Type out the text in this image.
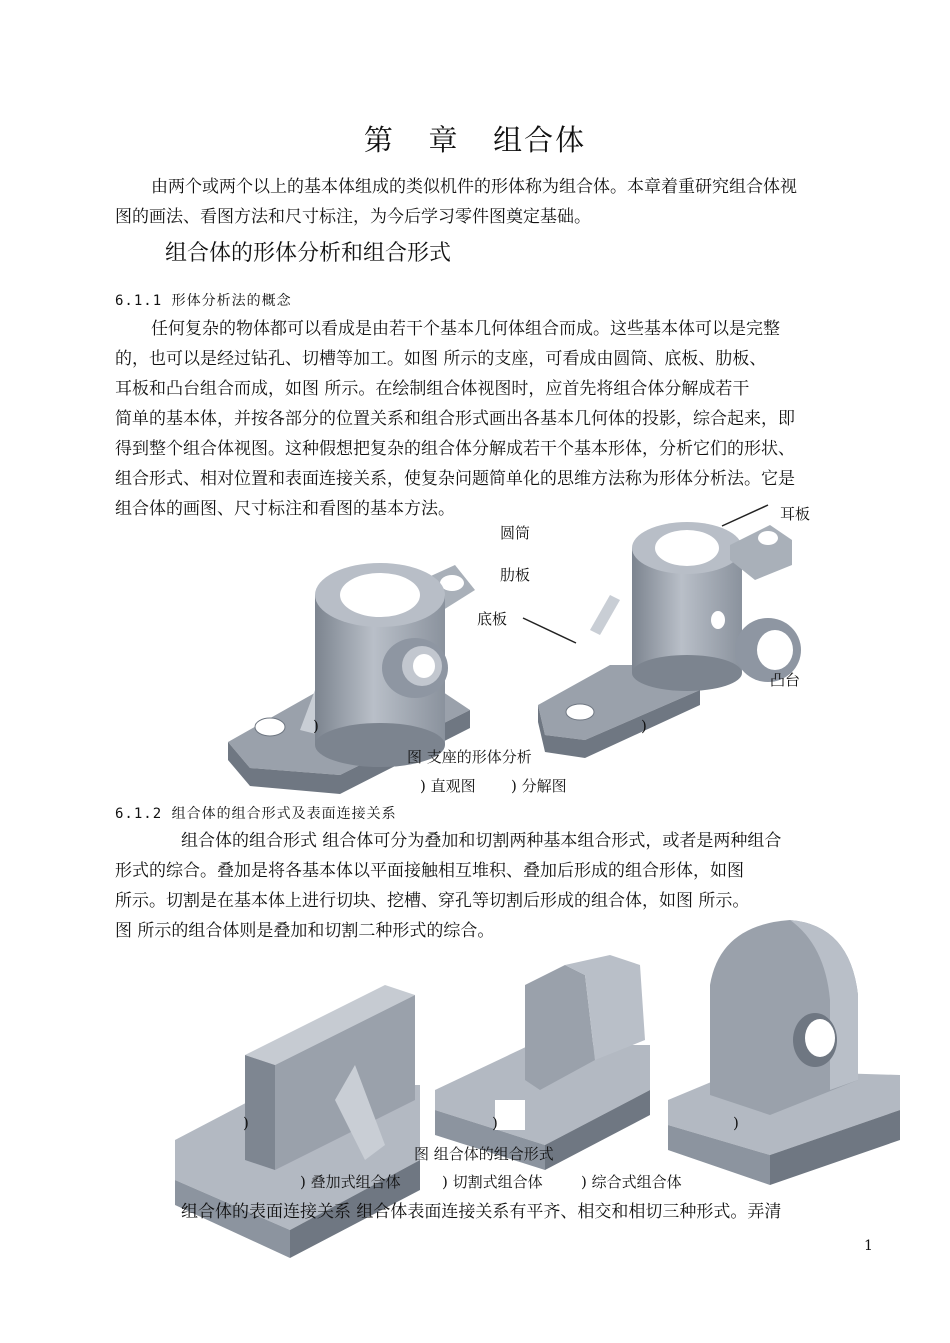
第 章 组合体
由两个或两个以上的基本体组成的类似机件的形体称为组合体。本章着重研究组合体视
图的画法、看图方法和尺寸标注，为今后学习零件图奠定基础。
组合体的形体分析和组合形式
6.1.1 形体分析法的概念
任何复杂的物体都可以看成是由若干个基本几何体组合而成。这些基本体可以是完整
的，也可以是经过钻孔、切槽等加工。如图 所示的支座，可看成由圆筒、底板、肋板、
耳板和凸台组合而成，如图 所示。在绘制组合体视图时，应首先将组合体分解成若干
简单的基本体，并按各部分的位置关系和组合形式画出各基本几何体的投影，综合起来，即
得到整个组合体视图。这种假想把复杂的组合体分解成若干个基本形体，分析它们的形状、
组合形式、相对位置和表面连接关系，使复杂问题简单化的思维方法称为形体分析法。它是
组合体的画图、尺寸标注和看图的基本方法。
圆筒
肋板
底板
耳板
凸台
)	)
图 支座的形体分析
) 直观图 ) 分解图
6.1.2 组合体的组合形式及表面连接关系
组合体的组合形式 组合体可分为叠加和切割两种基本组合形式，或者是两种组合
形式的综合。叠加是将各基本体以平面接触相互堆积、叠加后形成的组合形体，如图
所示。切割是在基本体上进行切块、挖槽、穿孔等切割后形成的组合体，如图 所示。
图 所示的组合体则是叠加和切割二种形式的综合。
)	)	)
图 组合体的组合形式
) 叠加式组合体	) 切割式组合体	) 综合式组合体
组合体的表面连接关系 组合体表面连接关系有平齐、相交和相切三种形式。弄清
1
